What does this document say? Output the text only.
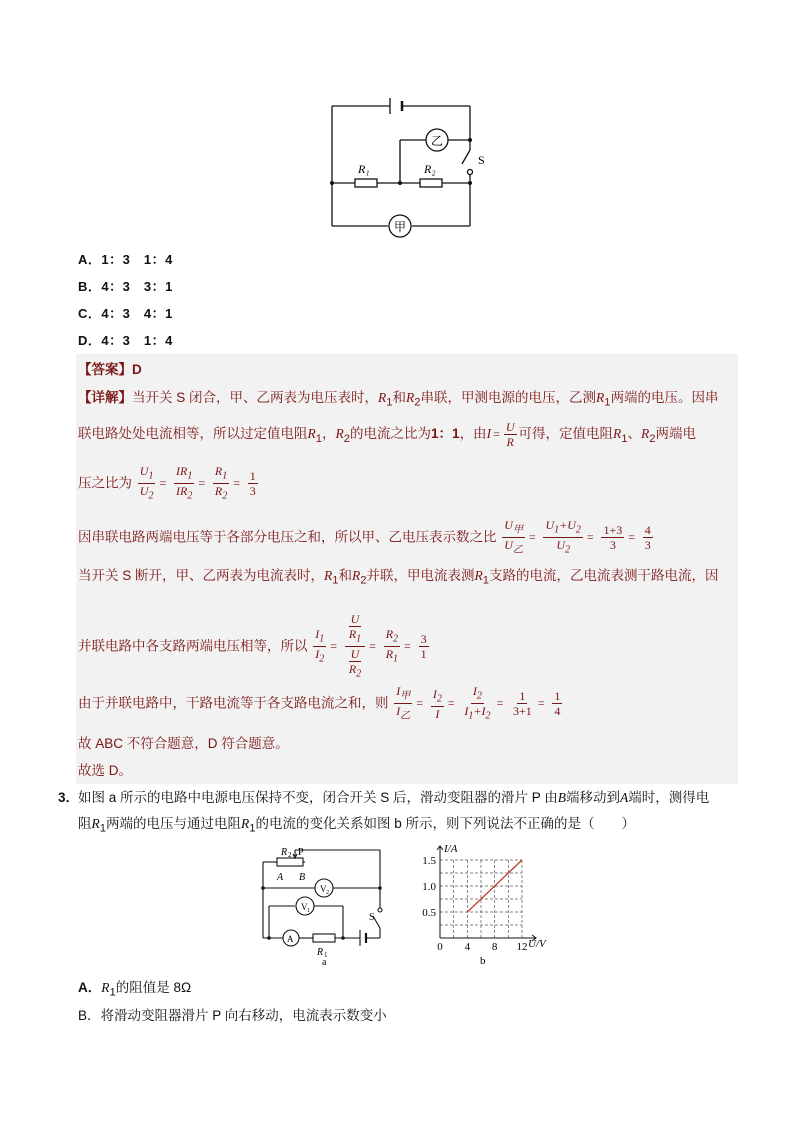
乙
甲
R₁	R₂
S
A．1：3　1：4
B．4：3　3：1
C．4：3　4：1
D．4：3　1：4
【答案】D
【详解】当开关 S 闭合，甲、乙两表为电压表时，$R_1$和$R_2$串联，甲测电源的电压，乙测$R_1$两端的电压。因串
联电路处处电流相等，所以过定值电阻$R_1$，$R_2$的电流之比为1：1，由$I = \frac{U}{R}$ 可得，定值电阻$R_1$、$R_2$两端电
压之比为 $\frac{U_1}{U_2} = \frac{IR_1}{IR_2} = \frac{R_1}{R_2} = \frac{1}{3}$
因串联电路两端电压等于各部分电压之和，所以甲、乙电压表示数之比 $\frac{U_甲}{U_乙} = \frac{U_1+U_2}{U_2} = \frac{1+3}{3} = \frac{4}{3}$
当开关 S 断开，甲、乙两表为电流表时，$R_1$和$R_2$并联，甲电流表测$R_1$支路的电流，乙电流表测干路电流，因
并联电路中各支路两端电压相等，所以 $\frac{I_1}{I_2} = \frac{\frac{U}{R_1}}{\frac{U}{R_2}} = \frac{R_2}{R_1} = \frac{3}{1}$
由于并联电路中，干路电流等于各支路电流之和，则 $\frac{I_甲}{I_乙} = \frac{I_2}{I} = \frac{I_2}{I_1+I_2} = \frac{1}{3+1} = \frac{1}{4}$
故 ABC 不符合题意，D 符合题意。
故选 D。
3．
如图 a 所示的电路中电源电压保持不变，闭合开关 S 后，滑动变阻器的滑片 P 由B端移动到A端时，测得电
阻$R_1$两端的电压与通过电阻$R_1$的电流的变化关系如图 b 所示，则下列说法不正确的是（　　）
R 2 P
A B
V 2
V 1
A
S
R 1
a
0 4 8 12
0.5
1.0
1.5
I/A
U/V
b
A．$R_1$的阻值是 8Ω
B．将滑动变阻器滑片 P 向右移动，电流表示数变小
